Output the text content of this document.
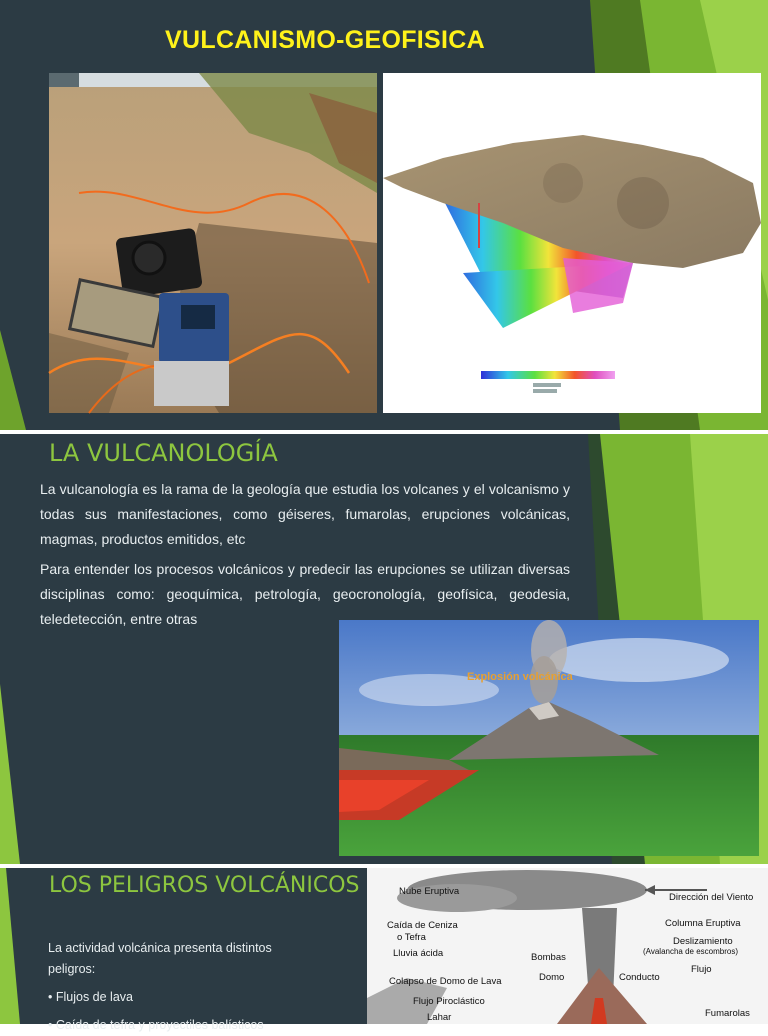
VULCANISMO-GEOFISICA
LA VULCANOLOGÍA
La vulcanología es la rama de la geología que estudia los volcanes y el volcanismo y todas sus manifestaciones, como géiseres, fumarolas, erupciones volcánicas, magmas, productos emitidos, etc
Para entender los procesos volcánicos y predecir las erupciones se utilizan diversas disciplinas como: geoquímica, petrología, geocronología, geofísica, geodesia, teledetección, entre otras
Explosión volcánica
LOS PELIGROS VOLCÁNICOS
La actividad volcánica presenta distintos
peligros:
• Flujos de lava
• Caída de tefra y proyectiles balísticos
Nube Eruptiva
Dirección del Viento
Caída de Ceniza
o Tefra
Columna Eruptiva
Lluvia ácida	Bombas
Deslizamiento
(Avalancha de escombros)
Colapso de Domo de Lava	Domo	Conducto
Flujo
Flujo Piroclástico
Lahar	Fumarolas
